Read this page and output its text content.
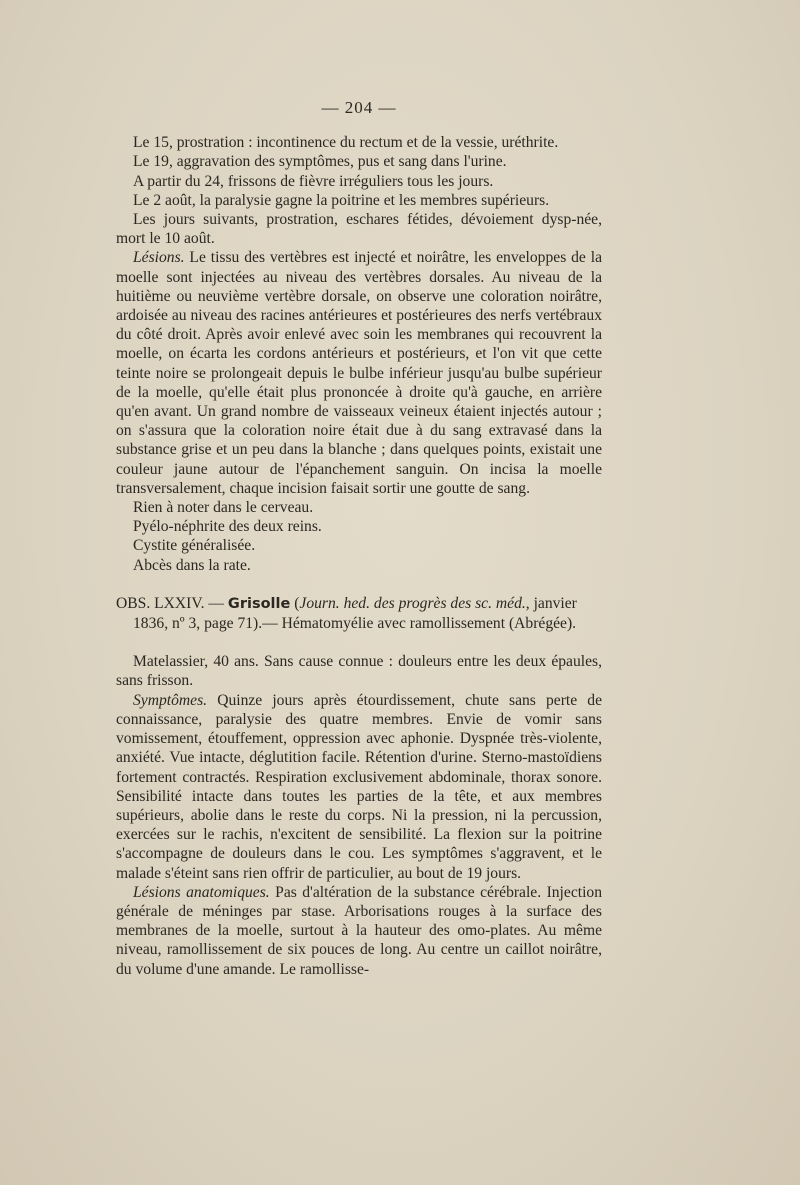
— 204 —

Le 15, prostration : incontinence du rectum et de la vessie, uréthrite.

Le 19, aggravation des symptômes, pus et sang dans l'urine.

A partir du 24, frissons de fièvre irréguliers tous les jours.

Le 2 août, la paralysie gagne la poitrine et les membres supérieurs.

Les jours suivants, prostration, eschares fétides, dévoiement dysp-née, mort le 10 août.

Lésions. Le tissu des vertèbres est injecté et noirâtre, les enveloppes de la moelle sont injectées au niveau des vertèbres dorsales. Au niveau de la huitième ou neuvième vertèbre dorsale, on observe une coloration noirâtre, ardoisée au niveau des racines antérieures et postérieures des nerfs vertébraux du côté droit. Après avoir enlevé avec soin les membranes qui recouvrent la moelle, on écarta les cordons antérieurs et postérieurs, et l'on vit que cette teinte noire se prolongeait depuis le bulbe inférieur jusqu'au bulbe supérieur de la moelle, qu'elle était plus prononcée à droite qu'à gauche, en arrière qu'en avant. Un grand nombre de vaisseaux veineux étaient injectés autour ; on s'assura que la coloration noire était due à du sang extravasé dans la substance grise et un peu dans la blanche ; dans quelques points, existait une couleur jaune autour de l'épanchement sanguin. On incisa la moelle transversalement, chaque incision faisait sortir une goutte de sang.

Rien à noter dans le cerveau.

Pyélo-néphrite des deux reins.

Cystite généralisée.

Abcès dans la rate.

OBS. LXXIV. — Grisolle (Journ. hed. des progrès des sc. méd., janvier
1836, nº 3, page 71).— Hématomyélie avec ramollissement (Abrégée).

Matelassier, 40 ans. Sans cause connue : douleurs entre les deux épaules, sans frisson.

Symptômes. Quinze jours après étourdissement, chute sans perte de connaissance, paralysie des quatre membres. Envie de vomir sans vomissement, étouffement, oppression avec aphonie. Dyspnée très-violente, anxiété. Vue intacte, déglutition facile. Rétention d'urine. Sterno-mastoïdiens fortement contractés. Respiration exclusivement abdominale, thorax sonore. Sensibilité intacte dans toutes les parties de la tête, et aux membres supérieurs, abolie dans le reste du corps. Ni la pression, ni la percussion, exercées sur le rachis, n'excitent de sensibilité. La flexion sur la poitrine s'accompagne de douleurs dans le cou. Les symptômes s'aggravent, et le malade s'éteint sans rien offrir de particulier, au bout de 19 jours.

Lésions anatomiques. Pas d'altération de la substance cérébrale. Injection générale de méninges par stase. Arborisations rouges à la surface des membranes de la moelle, surtout à la hauteur des omo-plates. Au même niveau, ramollissement de six pouces de long. Au centre un caillot noirâtre, du volume d'une amande. Le ramollisse-
